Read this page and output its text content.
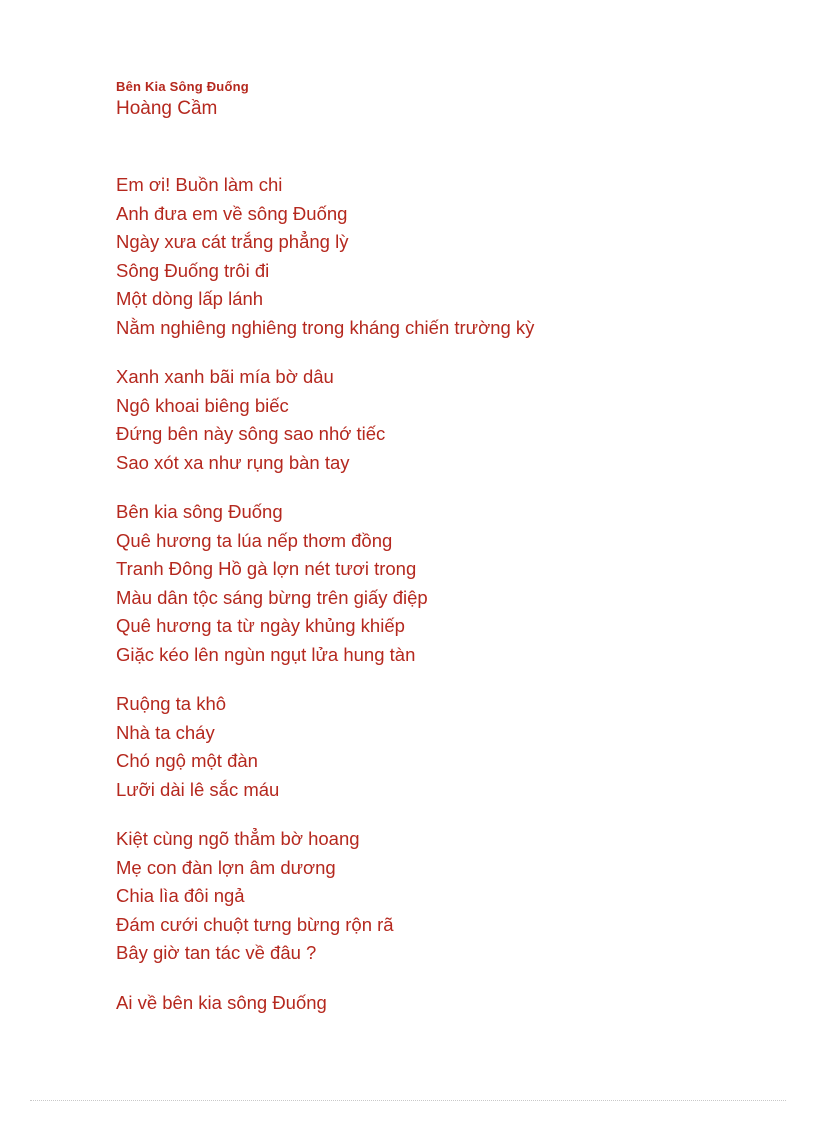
Bên Kia Sông Đuống
Hoàng Cầm
Em ơi! Buồn làm chi
Anh đưa em về sông Đuống
Ngày xưa cát trắng phẳng lỳ
Sông Đuống trôi đi
Một dòng lấp lánh
Nằm nghiêng nghiêng trong kháng chiến trường kỳ
Xanh xanh bãi mía bờ dâu
Ngô khoai biêng biếc
Đứng bên này sông sao nhớ tiếc
Sao xót xa như rụng bàn tay
Bên kia sông Đuống
Quê hương ta lúa nếp thơm đồng
Tranh Đông Hồ gà lợn nét tươi trong
Màu dân tộc sáng bừng trên giấy điệp
Quê hương ta từ ngày khủng khiếp
Giặc kéo lên ngùn ngụt lửa hung tàn
Ruộng ta khô
Nhà ta cháy
Chó ngộ một đàn
Lưỡi dài lê sắc máu
Kiệt cùng ngõ thẳm bờ hoang
Mẹ con đàn lợn âm dương
Chia lìa đôi ngả
Đám cưới chuột tưng bừng rộn rã
Bây giờ tan tác về đâu ?
Ai về bên kia sông Đuống
